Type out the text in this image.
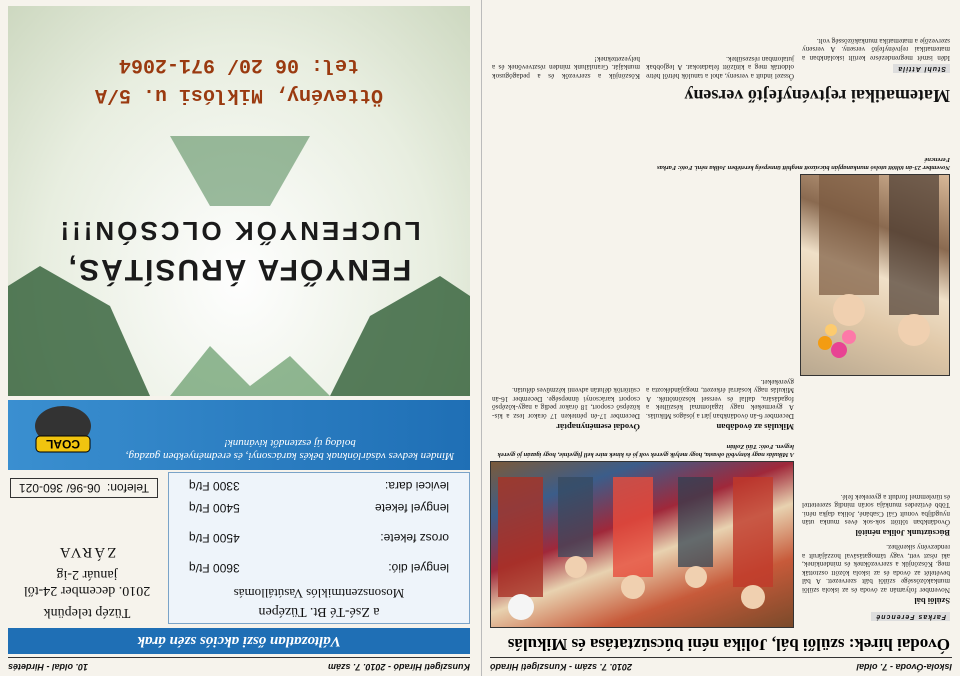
Iskola-Óvoda - 7. oldal
2010. 7. szám - Kunszigeti Híradó
Óvodai hírek: szülői bál, Jolika néni búcsúztatása és Mikulás
Farkas Ferencné
Szülői bál

November folyamán az óvoda és az iskola szülői munkaközössége szülői bált szervezett. A bál bevételét az óvoda és az iskola között osztották meg. Köszönjük a szervezőknek és mindenkinek, aki részt vett, vagy támogatásával hozzájárult a rendezvény sikeréhez.

Búcsúztunk Jolika nénitől

Óvodánkban töltött sok-sok éves munka után nyugdíjba vonult Gál Csabáné, Jolika dajka néni. Több évtizedes munkája során mindig szeretettel és türelemmel fordult a gyerekek felé.

A Mikulás nagy könyvből olvasta, hogy melyik gyerek volt jó és kinek mire kell figyelnie, hogy igazán jó gyerek legyen. Fotó: Tűű Zoltán
Mikulás az óvodában

December 6-án óvodánkban járt a jóságos Mikulás. A gyermekek nagy izgalommal készültek a fogadására, dallal és verssel köszöntötték. A Mikulás nagy kosárral érkezett, megajándékozta a gyerekeket.

Óvodai eseménynaptár

December 17-én pénteken 17 órakor lesz a kis-középső csoport, 18 órakor pedig a nagy-középső csoport karácsonyi ünnepsége. December 16-án csütörtök délután adventi kézműves délután.

November 23-án töltött utolsó munkanapján búcsúzott meghitt ünnepség keretében Jolika néni. Fotó: Farkas Ferencné
Matematikai rejtvényfejtő verseny
Stuhl Attila

Idén ismét megrendezésre került iskolánkban a matematikai rejtvényfejtő verseny. A verseny szervezője a matematika munkaközösség volt.

Ősszel indult a verseny, ahol a tanulók hétről hétre oldották meg a kitűzött feladatokat. A legjobbak jutalomban részesültek.

Köszönjük a szervezők és a pedagógusok munkáját. Gratulálunk minden résztvevőnek és a helyezetteknek!

Kunszigeti Híradó - 2010. 7. szám
10. oldal - Hirdetés
Változatlan őszi akciós szén árak
a Zsé-Té Bt. Tüzépen
Mosonszentmiklós Vasútállomás
lengyel dió:
3600 Ft/q
orosz fekete:
4500 Ft/q
lengyel fekete
5400 Ft/q
levicei dara:
3300 Ft/q
Tüzép telepünk
2010. december 24-től január 2-ig
ZÁRVA
Telefon:
06-96/ 360-021
Minden kedves vásárlónknak békés karácsonyi, és eredményekben gazdag, boldog új esztendőt kívánunk!
COAL
FENYŐFA ÁRUSÍTÁS,
LUCFENYŐK OLCSÓN!!!
Öttevény, Miklósi u. 5/A
tel: 06 20/ 971-2064
